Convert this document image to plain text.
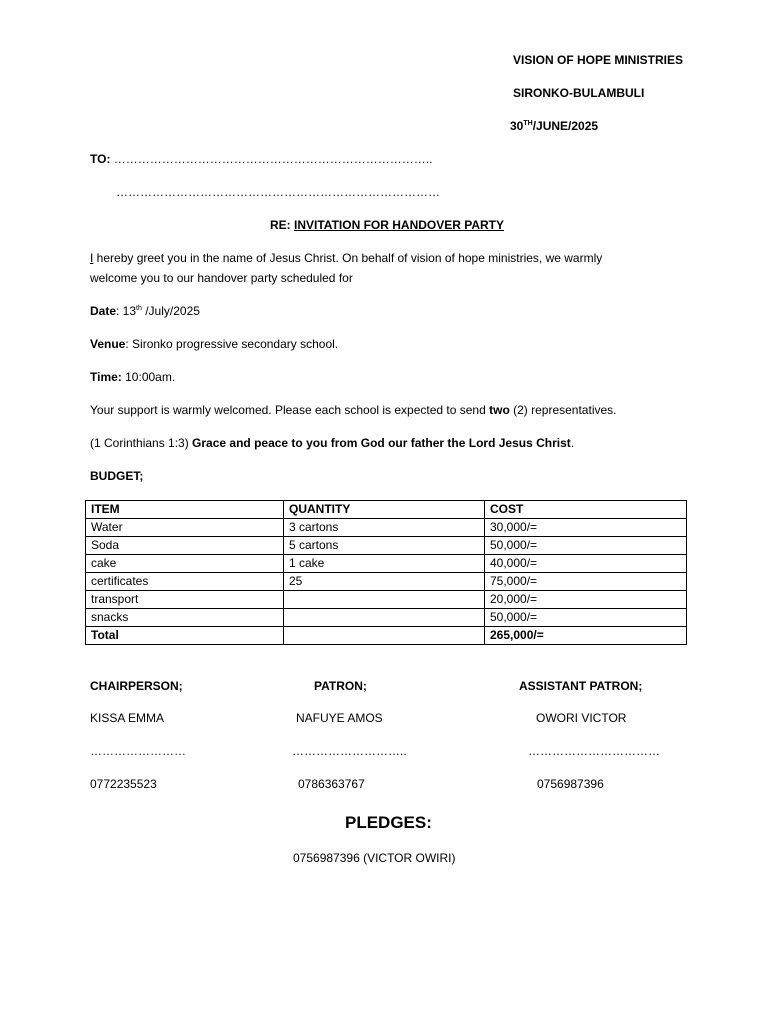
VISION OF HOPE MINISTRIES
SIRONKO-BULAMBULI
30TH/JUNE/2025
TO: ……………………………………………………………………..
………………………………………………………………………
RE: INVITATION FOR HANDOVER PARTY
I hereby greet you in the name of Jesus Christ. On behalf of vision of hope ministries, we warmly
welcome you to our handover party scheduled for
Date: 13th /July/2025
Venue: Sironko progressive secondary school.
Time: 10:00am.
Your support is warmly welcomed. Please each school is expected to send two (2) representatives.
(1 Corinthians 1:3) Grace and peace to you from God our father the Lord Jesus Christ.
BUDGET;
ITEM	QUANTITY	COST
Water	3 cartons	30,000/=
Soda	5 cartons	50,000/=
cake	1 cake	40,000/=
certificates	25	75,000/=
transport		20,000/=
snacks		50,000/=
Total		265,000/=
CHAIRPERSON;	PATRON;	ASSISTANT PATRON;
KISSA EMMA	NAFUYE AMOS	OWORI VICTOR
……………………	………………………..	……………………………
0772235523	0786363767	0756987396
PLEDGES:
0756987396 (VICTOR OWIRI)
